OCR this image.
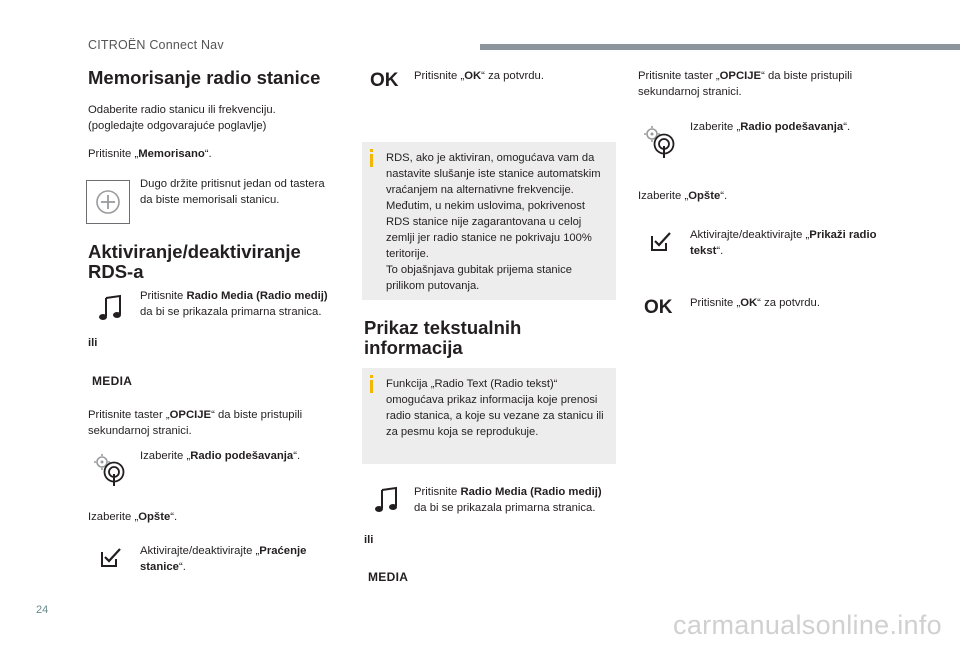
CITROËN Connect Nav
Memorisanje radio stanice
Odaberite radio stanicu ili frekvenciju.
(pogledajte odgovarajuće poglavlje)
Pritisnite „Memorisano“.
Dugo držite pritisnut jedan od tastera da biste memorisali stanicu.
Aktiviranje/deaktiviranje RDS-a
Pritisnite Radio Media (Radio medij) da bi se prikazala primarna stranica.
ili
MEDIA
Pritisnite taster „OPCIJE“ da biste pristupili sekundarnoj stranici.
Izaberite „Radio podešavanja“.
Izaberite „Opšte“.
Aktivirajte/deaktivirajte „Praćenje stanice“.
OK Pritisnite „OK“ za potvrdu.
RDS, ako je aktiviran, omogućava vam da nastavite slušanje iste stanice automatskim vraćanjem na alternativne frekvencije. Međutim, u nekim uslovima, pokrivenost RDS stanice nije zagarantovana u celoj zemlji jer radio stanice ne pokrivaju 100% teritorije.
To objašnjava gubitak prijema stanice prilikom putovanja.
Prikaz tekstualnih informacija
Funkcija „Radio Text (Radio tekst)“ omogućava prikaz informacija koje prenosi radio stanica, a koje su vezane za stanicu ili za pesmu koja se reprodukuje.
Pritisnite Radio Media (Radio medij) da bi se prikazala primarna stranica.
ili
MEDIA
Pritisnite taster „OPCIJE“ da biste pristupili sekundarnoj stranici.
Izaberite „Radio podešavanja“.
Izaberite „Opšte“.
Aktivirajte/deaktivirajte „Prikaži radio tekst“.
OK Pritisnite „OK“ za potvrdu.
24	carmanualsonline.info
